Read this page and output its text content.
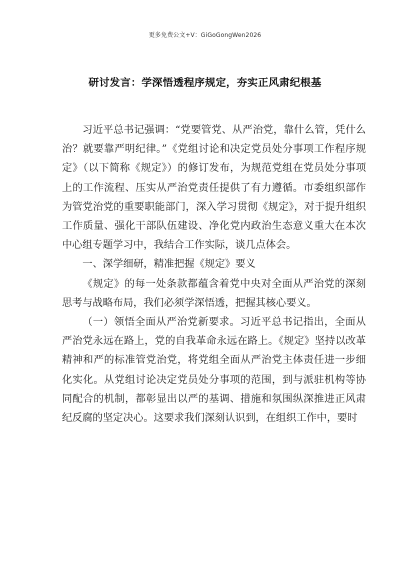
更多免费公文+V：GiGoGongWen2026
研讨发言：学深悟透程序规定，夯实正风肃纪根基

习近平总书记强调：“党要管党、从严治党，靠什么管，凭什么治？就要靠严明纪律。”《党组讨论和决定党员处分事项工作程序规定》（以下简称《规定》）的修订发布，为规范党组在党员处分事项上的工作流程、压实从严治党责任提供了有力遵循。市委组织部作为管党治党的重要职能部门，深入学习贯彻《规定》，对于提升组织工作质量、强化干部队伍建设、净化党内政治生态意义重大在本次中心组专题学习中，我结合工作实际，谈几点体会。

一、深学细研，精准把握《规定》要义

《规定》的每一处条款都蕴含着党中央对全面从严治党的深刻思考与战略布局，我们必须学深悟透，把握其核心要义。

（一）领悟全面从严治党新要求。习近平总书记指出，全面从严治党永远在路上，党的自我革命永远在路上。《规定》坚持以改革精神和严的标准管党治党，将党组全面从严治党主体责任进一步细化实化。从党组讨论决定党员处分事项的范围，到与派驻机构等协同配合的机制，都彰显出以严的基调、措施和氛围纵深推进正风肃纪反腐的坚定决心。这要求我们深刻认识到，在组织工作中，要时
